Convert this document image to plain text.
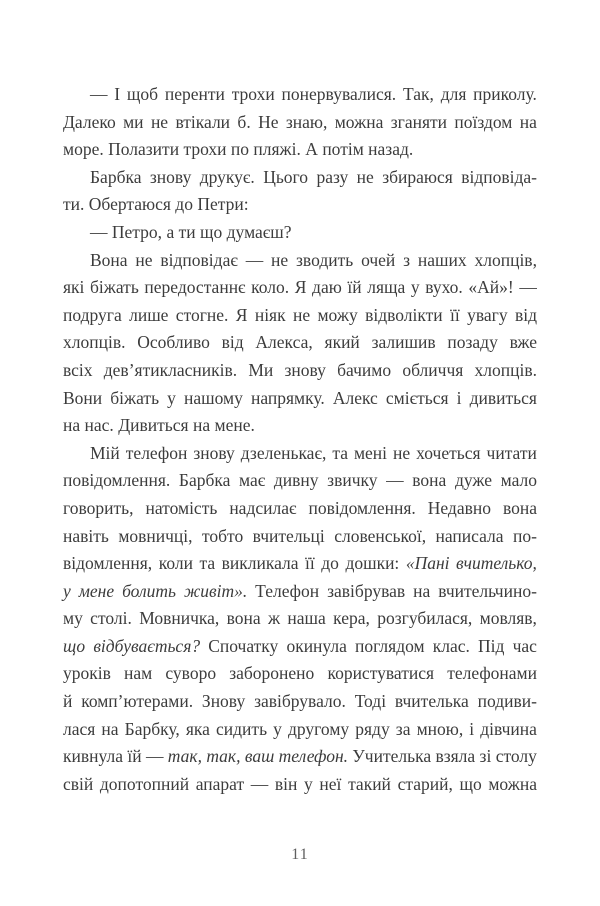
— І щоб перенти трохи понервувалися. Так, для приколу.
Далеко ми не втікали б. Не знаю, можна зганяти поїздом на
море. Полазити трохи по пляжі. А потім назад.
Барбка знову друкує. Цього разу не збираюся відповіда-
ти. Обертаюся до Петри:
— Петро, а ти що думаєш?
Вона не відповідає — не зводить очей з наших хлопців,
які біжать передостаннє коло. Я даю їй ляща у вухо. «Ай»! —
подруга лише стогне. Я ніяк не можу відволікти її увагу від
хлопців. Особливо від Алекса, який залишив позаду вже
всіх дев’ятикласників. Ми знову бачимо обличчя хлопців.
Вони біжать у нашому напрямку. Алекс сміється і дивиться
на нас. Дивиться на мене.
Мій телефон знову дзеленькає, та мені не хочеться читати
повідомлення. Барбка має дивну звичку — вона дуже мало
говорить, натомість надсилає повідомлення. Недавно вона
навіть мовничці, тобто вчительці словенської, написала по-
відомлення, коли та викликала її до дошки: «Пані вчителько,
у мене болить живіт». Телефон завібрував на вчительчино-
му столі. Мовничка, вона ж наша кера, розгубилася, мовляв,
що відбувається? Спочатку окинула поглядом клас. Під час
уроків нам суворо заборонено користуватися телефонами
й комп’ютерами. Знову завібрувало. Тоді вчителька подиви-
лася на Барбку, яка сидить у другому ряду за мною, і дівчина
кивнула їй — так, так, ваш телефон. Учителька взяла зі столу
свій допотопний апарат — він у неї такий старий, що можна
11
